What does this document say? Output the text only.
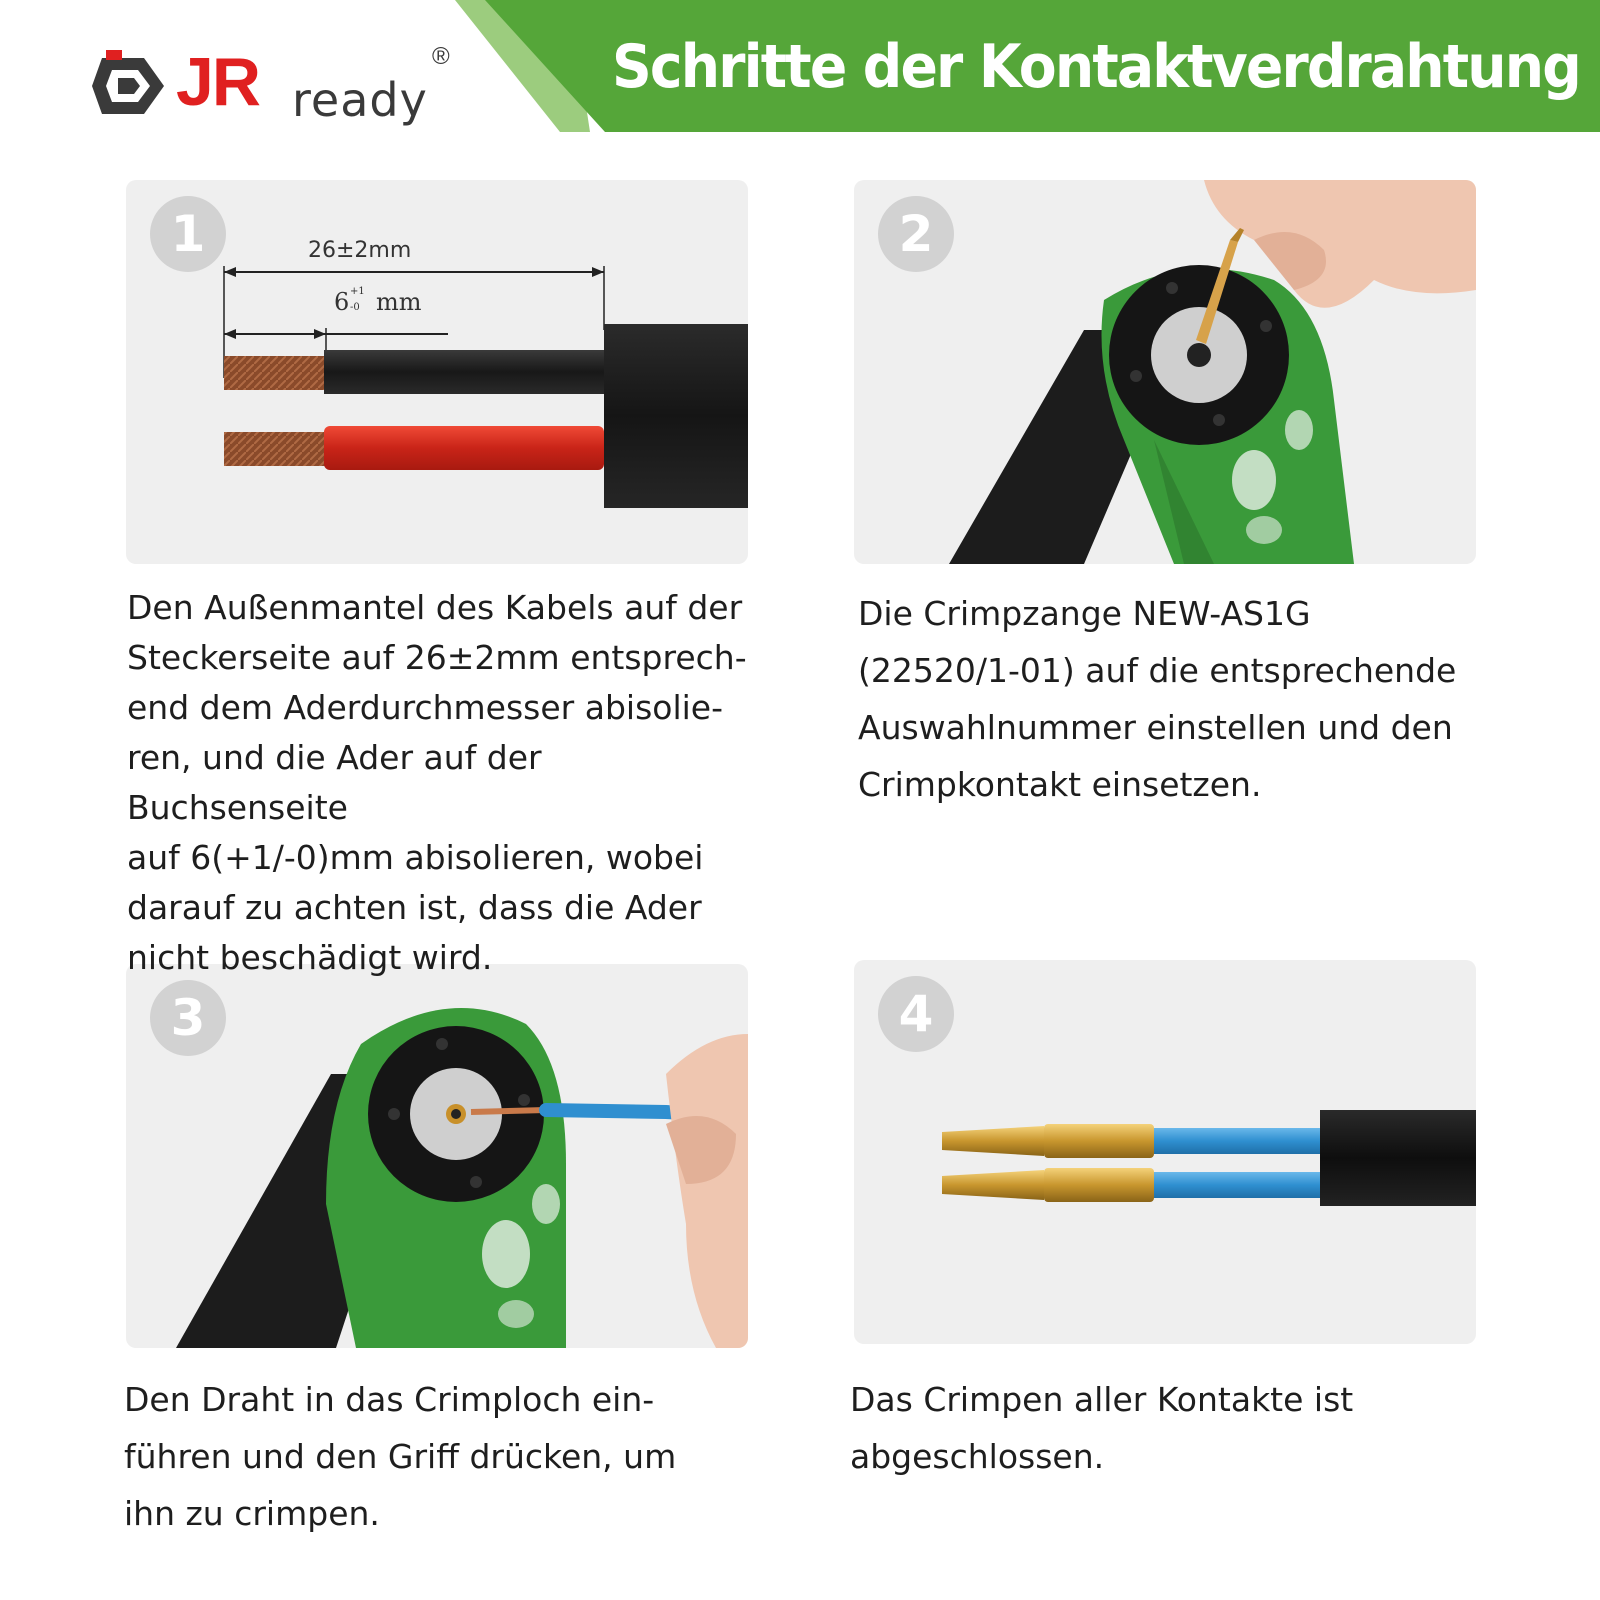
Schritte der Kontaktverdrahtung
JR ready
®
1	26±2mm
6 +1
-0 mm
2
3	4
Den Außenmantel des Kabels auf der
Steckerseite auf 26±2mm entsprech-
end dem Aderdurchmesser abisolie-
ren, und die Ader auf der Buchsenseite
auf 6(+1/-0)mm abisolieren, wobei
darauf zu achten ist, dass die Ader
nicht beschädigt wird.
Die Crimpzange NEW-AS1G
(22520/1-01) auf die entsprechende
Auswahlnummer einstellen und den
Crimpkontakt einsetzen.
Den Draht in das Crimploch ein-
führen und den Griff drücken, um
ihn zu crimpen.
Das Crimpen aller Kontakte ist
abgeschlossen.
